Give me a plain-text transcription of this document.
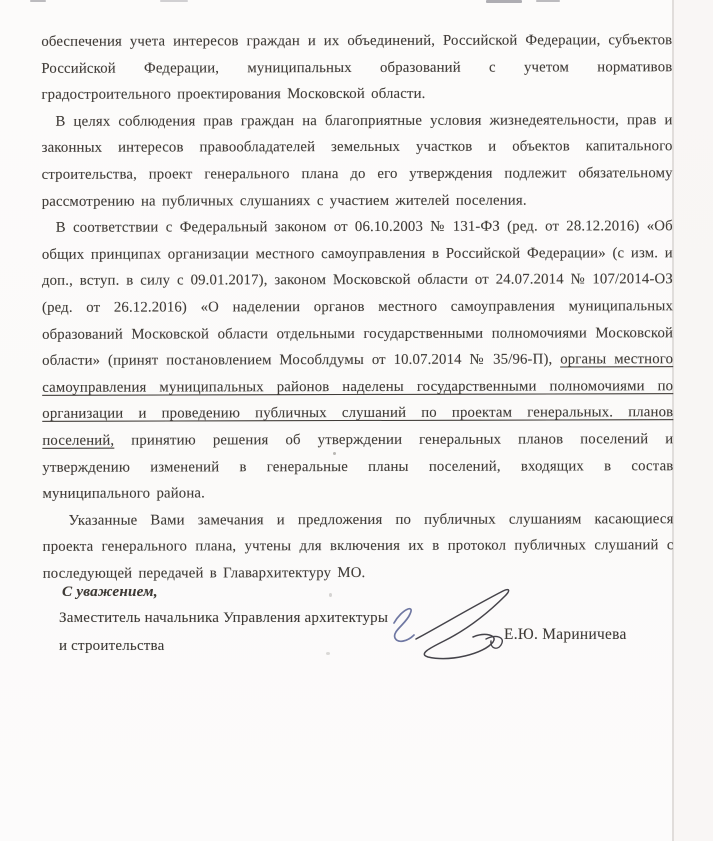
обеспечения учета интересов граждан и их объединений, Российской Федерации, субъектов Российской Федерации, муниципальных образований с учетом нормативов градостроительного проектирования Московской области.

В целях соблюдения прав граждан на благоприятные условия жизнедеятельности, прав и законных интересов правообладателей земельных участков и объектов капитального строительства, проект генерального плана до его утверждения подлежит обязательному рассмотрению на публичных слушаниях с участием жителей поселения.

В соответствии с Федеральный законом от 06.10.2003 № 131-ФЗ (ред. от 28.12.2016) «Об общих принципах организации местного самоуправления в Российской Федерации» (с изм. и доп., вступ. в силу с 09.01.2017), законом Московской области от 24.07.2014 № 107/2014-ОЗ (ред. от 26.12.2016) «О наделении органов местного самоуправления муниципальных образований Московской области отдельными государственными полномочиями Московской области» (принят постановлением Мособлдумы от 10.07.2014 № 35/96-П), органы местного самоуправления муниципальных районов наделены государственными полномочиями по организации и проведению публичных слушаний по проектам генеральных. планов поселений, принятию решения об утверждении генеральных планов поселений и утверждению изменений в генеральные планы поселений, входящих в состав муниципального района.

Указанные Вами замечания и предложения по публичных слушаниям касающиеся проекта генерального плана, учтены для включения их в протокол публичных слушаний с последующей передачей в Главархитектуру МО.

С уважением,
Заместитель начальника Управления архитектуры
и строительства
Е.Ю. Мариничева
